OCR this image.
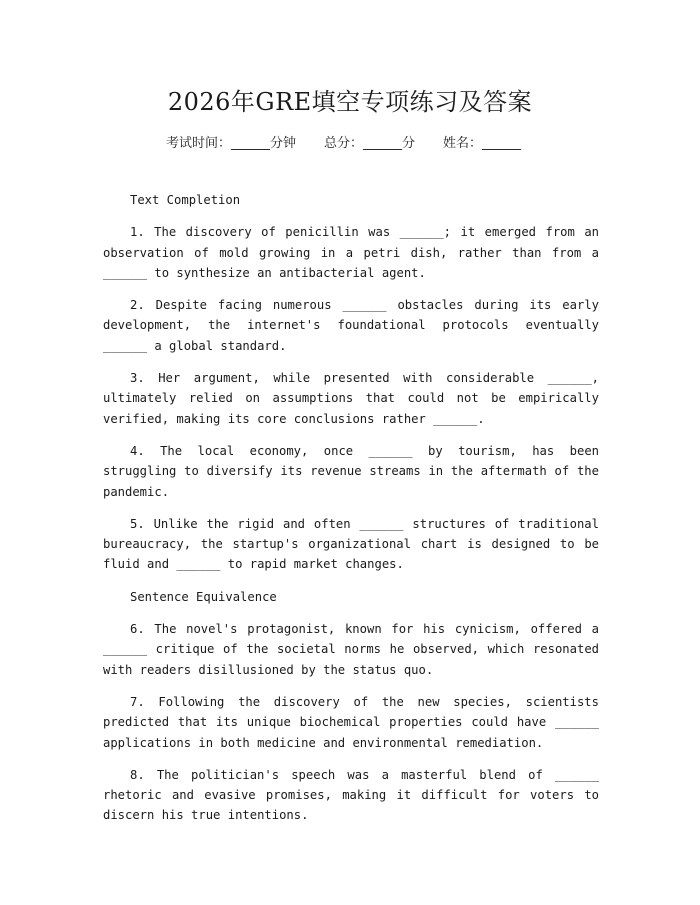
2026年GRE填空专项练习及答案
考试时间：______分钟 总分：______分 姓名：______
Text Completion

1. The discovery of penicillin was ______; it emerged from an observation of mold growing in a petri dish, rather than from a ______ to synthesize an antibacterial agent.

2. Despite facing numerous ______ obstacles during its early development, the internet's foundational protocols eventually ______ a global standard.

3. Her argument, while presented with considerable ______, ultimately relied on assumptions that could not be empirically verified, making its core conclusions rather ______.

4. The local economy, once ______ by tourism, has been struggling to diversify its revenue streams in the aftermath of the pandemic.

5. Unlike the rigid and often ______ structures of traditional bureaucracy, the startup's organizational chart is designed to be fluid and ______ to rapid market changes.

Sentence Equivalence

6. The novel's protagonist, known for his cynicism, offered a ______ critique of the societal norms he observed, which resonated with readers disillusioned by the status quo.

7. Following the discovery of the new species, scientists predicted that its unique biochemical properties could have ______ applications in both medicine and environmental remediation.

8. The politician's speech was a masterful blend of ______ rhetoric and evasive promises, making it difficult for voters to discern his true intentions.
